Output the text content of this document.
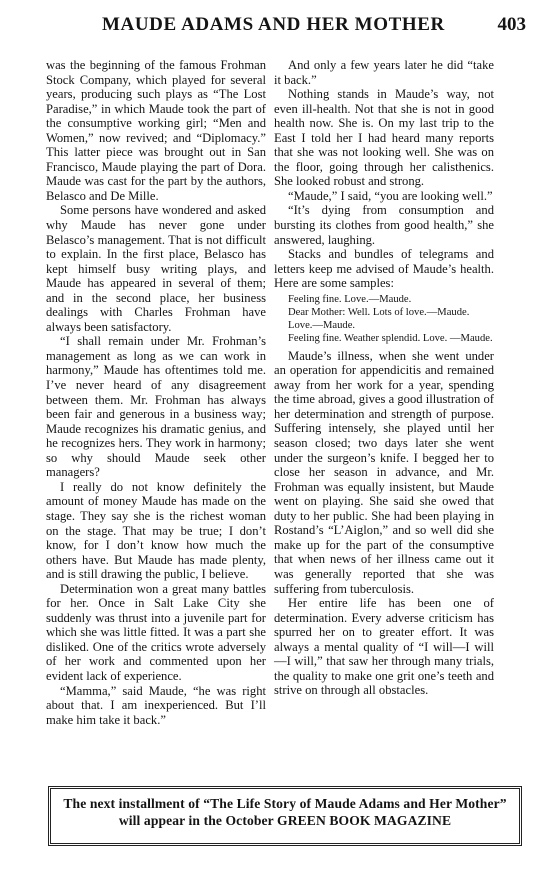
MAUDE ADAMS AND HER MOTHER	403

was the beginning of the famous Frohman Stock Company, which played for several years, producing such plays as “The Lost Paradise,” in which Maude took the part of the consumptive working girl; “Men and Women,” now revived; and “Diplomacy.” This latter piece was brought out in San Francisco, Maude playing the part of Dora. Maude was cast for the part by the authors, Belasco and De Mille.

Some persons have wondered and asked why Maude has never gone under Belasco’s management. That is not difficult to explain. In the first place, Belasco has kept himself busy writing plays, and Maude has appeared in several of them; and in the second place, her business dealings with Charles Frohman have always been satisfactory.

“I shall remain under Mr. Frohman’s management as long as we can work in harmony,” Maude has oftentimes told me. I’ve never heard of any disagreement between them. Mr. Frohman has always been fair and generous in a business way; Maude recognizes his dramatic genius, and he recognizes hers. They work in harmony; so why should Maude seek other managers?

I really do not know definitely the amount of money Maude has made on the stage. They say she is the richest woman on the stage. That may be true; I don’t know, for I don’t know how much the others have. But Maude has made plenty, and is still drawing the public, I believe.

Determination won a great many battles for her. Once in Salt Lake City she suddenly was thrust into a juvenile part for which she was little fitted. It was a part she disliked. One of the critics wrote adversely of her work and commented upon her evident lack of experience.

“Mamma,” said Maude, “he was right about that. I am inexperienced. But I’ll make him take it back.”

And only a few years later he did “take it back.”

Nothing stands in Maude’s way, not even ill-health. Not that she is not in good health now. She is. On my last trip to the East I told her I had heard many reports that she was not looking well. She was on the floor, going through her calisthenics. She looked robust and strong.

“Maude,” I said, “you are looking well.”

“It’s dying from consumption and bursting its clothes from good health,” she answered, laughing.

Stacks and bundles of telegrams and letters keep me advised of Maude’s health. Here are some samples:

Feeling fine. Love.—Maude.
Dear Mother: Well. Lots of love.—Maude.
Love.—Maude.
Feeling fine. Weather splendid. Love. —Maude.

Maude’s illness, when she went under an operation for appendicitis and remained away from her work for a year, spending the time abroad, gives a good illustration of her determination and strength of purpose. Suffering intensely, she played until her season closed; two days later she went under the surgeon’s knife. I begged her to close her season in advance, and Mr. Frohman was equally insistent, but Maude went on playing. She said she owed that duty to her public. She had been playing in Rostand’s “L’Aiglon,” and so well did she make up for the part of the consumptive that when news of her illness came out it was generally reported that she was suffering from tuberculosis.

Her entire life has been one of determination. Every adverse criticism has spurred her on to greater effort. It was always a mental quality of “I will—I will—I will,” that saw her through many trials, the quality to make one grit one’s teeth and strive on through all obstacles.

The next installment of “The Life Story of Maude Adams and Her Mother” will appear in the October GREEN BOOK MAGAZINE
